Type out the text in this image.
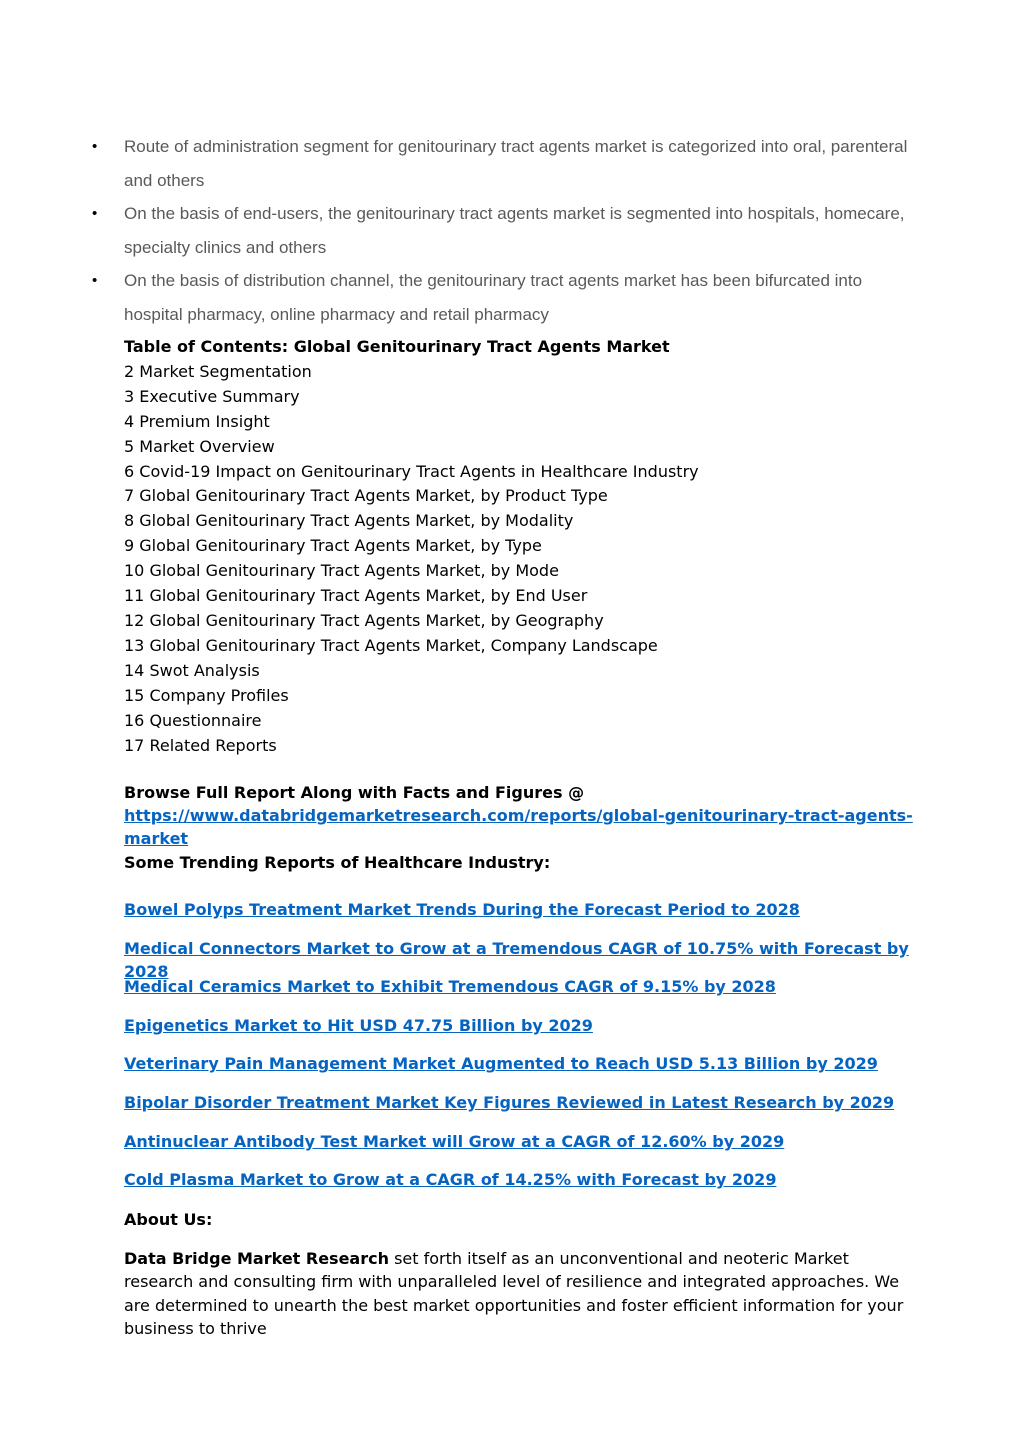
• Route of administration segment for genitourinary tract agents market is categorized into oral, parenteral and others
• On the basis of end-users, the genitourinary tract agents market is segmented into hospitals, homecare, specialty clinics and others
• On the basis of distribution channel, the genitourinary tract agents market has been bifurcated into hospital pharmacy, online pharmacy and retail pharmacy
Table of Contents: Global Genitourinary Tract Agents Market
2 Market Segmentation
3 Executive Summary
4 Premium Insight
5 Market Overview
6 Covid-19 Impact on Genitourinary Tract Agents in Healthcare Industry
7 Global Genitourinary Tract Agents Market, by Product Type
8 Global Genitourinary Tract Agents Market, by Modality
9 Global Genitourinary Tract Agents Market, by Type
10 Global Genitourinary Tract Agents Market, by Mode
11 Global Genitourinary Tract Agents Market, by End User
12 Global Genitourinary Tract Agents Market, by Geography
13 Global Genitourinary Tract Agents Market, Company Landscape
14 Swot Analysis
15 Company Profiles
16 Questionnaire
17 Related Reports
Browse Full Report Along with Facts and Figures @
https://www.databridgemarketresearch.com/reports/global-genitourinary-tract-agents-market
Some Trending Reports of Healthcare Industry:
Bowel Polyps Treatment Market Trends During the Forecast Period to 2028
Medical Connectors Market to Grow at a Tremendous CAGR of 10.75% with Forecast by 2028
Medical Ceramics Market to Exhibit Tremendous CAGR of 9.15% by 2028
Epigenetics Market to Hit USD 47.75 Billion by 2029
Veterinary Pain Management Market Augmented to Reach USD 5.13 Billion by 2029
Bipolar Disorder Treatment Market Key Figures Reviewed in Latest Research by 2029
Antinuclear Antibody Test Market will Grow at a CAGR of 12.60% by 2029
Cold Plasma Market to Grow at a CAGR of 14.25% with Forecast by 2029
About Us:
Data Bridge Market Research set forth itself as an unconventional and neoteric Market research and consulting firm with unparalleled level of resilience and integrated approaches. We are determined to unearth the best market opportunities and foster efficient information for your business to thrive
